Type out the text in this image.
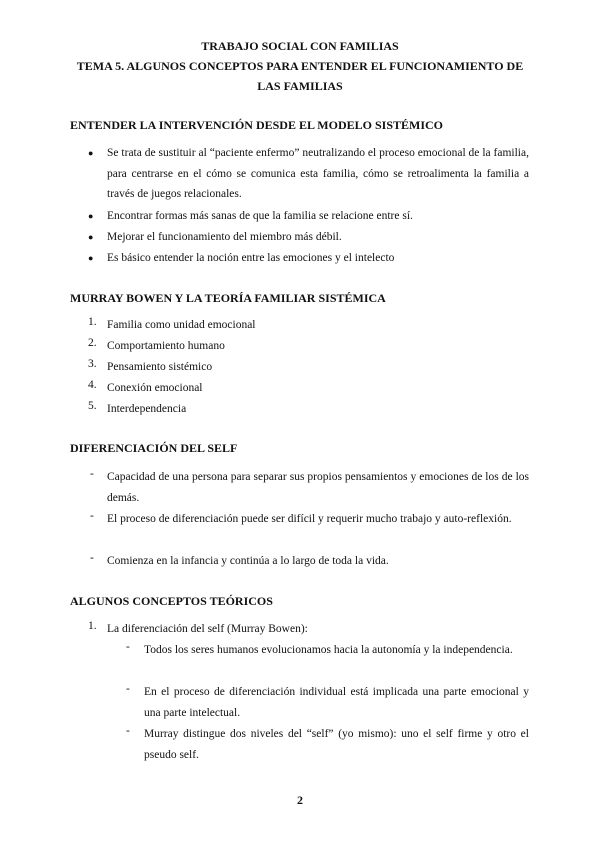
TRABAJO SOCIAL CON FAMILIAS
TEMA 5. ALGUNOS CONCEPTOS PARA ENTENDER EL FUNCIONAMIENTO DE LAS FAMILIAS
ENTENDER LA INTERVENCIÓN DESDE EL MODELO SISTÉMICO
● Se trata de sustituir al “paciente enfermo” neutralizando el proceso emocional de la familia, para centrarse en el cómo se comunica esta familia, cómo se retroalimenta la familia a través de juegos relacionales.
● Encontrar formas más sanas de que la familia se relacione entre sí.
● Mejorar el funcionamiento del miembro más débil.
● Es básico entender la noción entre las emociones y el intelecto
MURRAY BOWEN Y LA TEORÍA FAMILIAR SISTÉMICA
1. Familia como unidad emocional
2. Comportamiento humano
3. Pensamiento sistémico
4. Conexión emocional
5. Interdependencia
DIFERENCIACIÓN DEL SELF
- Capacidad de una persona para separar sus propios pensamientos y emociones de los de los demás.
- El proceso de diferenciación puede ser difícil y requerir mucho trabajo y auto-reflexión.
- Comienza en la infancia y continúa a lo largo de toda la vida.
ALGUNOS CONCEPTOS TEÓRICOS
1. La diferenciación del self (Murray Bowen):
- Todos los seres humanos evolucionamos hacia la autonomía y la independencia.
- En el proceso de diferenciación individual está implicada una parte emocional y una parte intelectual.
- Murray distingue dos niveles del “self” (yo mismo): uno el self firme y otro el pseudo self.
2
